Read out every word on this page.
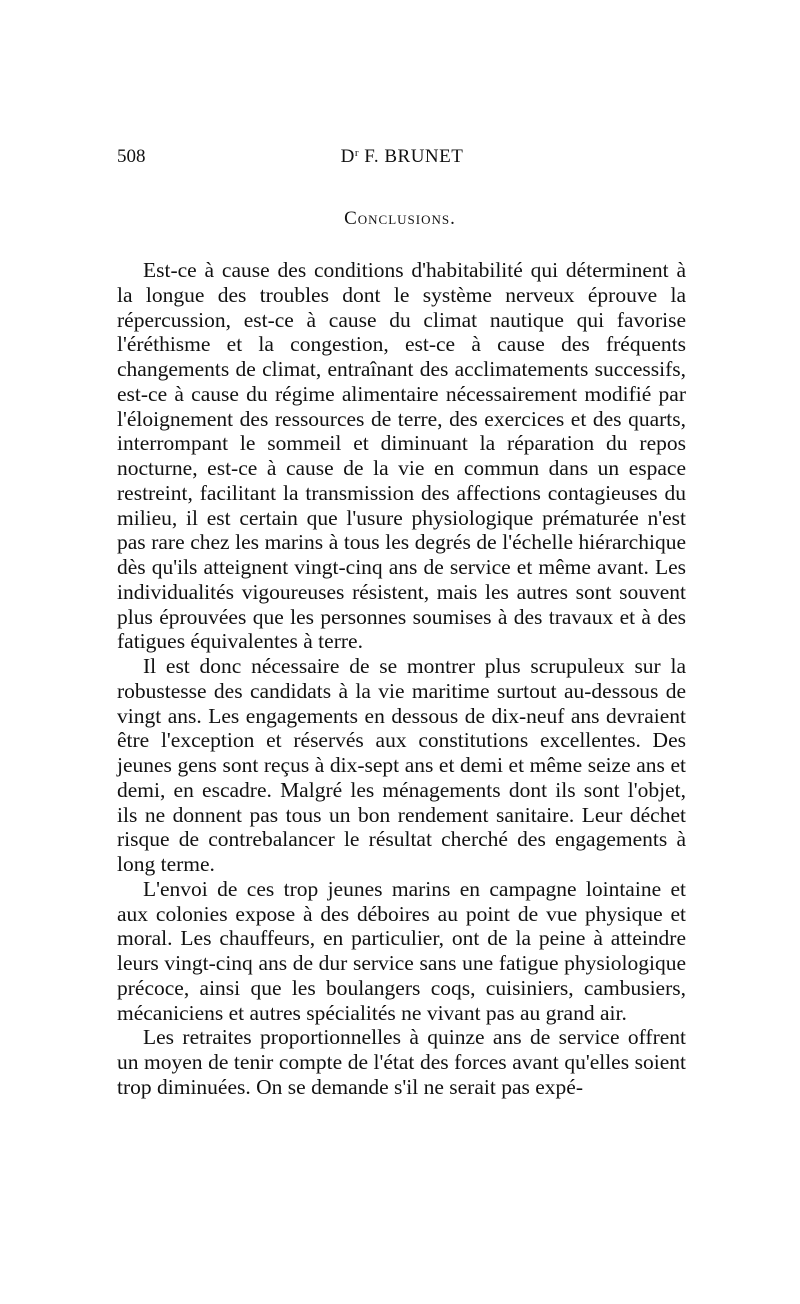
508	$D^r$ F. BRUNET
Conclusions.

Est-ce à cause des conditions d'habitabilité qui déterminent à la longue des troubles dont le système nerveux éprouve la répercussion, est-ce à cause du climat nautique qui favorise l'éréthisme et la congestion, est-ce à cause des fréquents changements de climat, entraînant des acclimatements successifs, est-ce à cause du régime alimentaire nécessairement modifié par l'éloignement des ressources de terre, des exercices et des quarts, interrompant le sommeil et diminuant la réparation du repos nocturne, est-ce à cause de la vie en commun dans un espace restreint, facilitant la transmission des affections contagieuses du milieu, il est certain que l'usure physiologique prématurée n'est pas rare chez les marins à tous les degrés de l'échelle hiérarchique dès qu'ils atteignent vingt-cinq ans de service et même avant. Les individualités vigoureuses résistent, mais les autres sont souvent plus éprouvées que les personnes soumises à des travaux et à des fatigues équivalentes à terre.

Il est donc nécessaire de se montrer plus scrupuleux sur la robustesse des candidats à la vie maritime surtout au-dessous de vingt ans. Les engagements en dessous de dix-neuf ans devraient être l'exception et réservés aux constitutions excellentes. Des jeunes gens sont reçus à dix-sept ans et demi et même seize ans et demi, en escadre. Malgré les ménagements dont ils sont l'objet, ils ne donnent pas tous un bon rendement sanitaire. Leur déchet risque de contrebalancer le résultat cherché des engagements à long terme.

L'envoi de ces trop jeunes marins en campagne lointaine et aux colonies expose à des déboires au point de vue physique et moral. Les chauffeurs, en particulier, ont de la peine à atteindre leurs vingt-cinq ans de dur service sans une fatigue physiologique précoce, ainsi que les boulangers coqs, cuisiniers, cambusiers, mécaniciens et autres spécialités ne vivant pas au grand air.

Les retraites proportionnelles à quinze ans de service offrent un moyen de tenir compte de l'état des forces avant qu'elles soient trop diminuées. On se demande s'il ne serait pas expé-
